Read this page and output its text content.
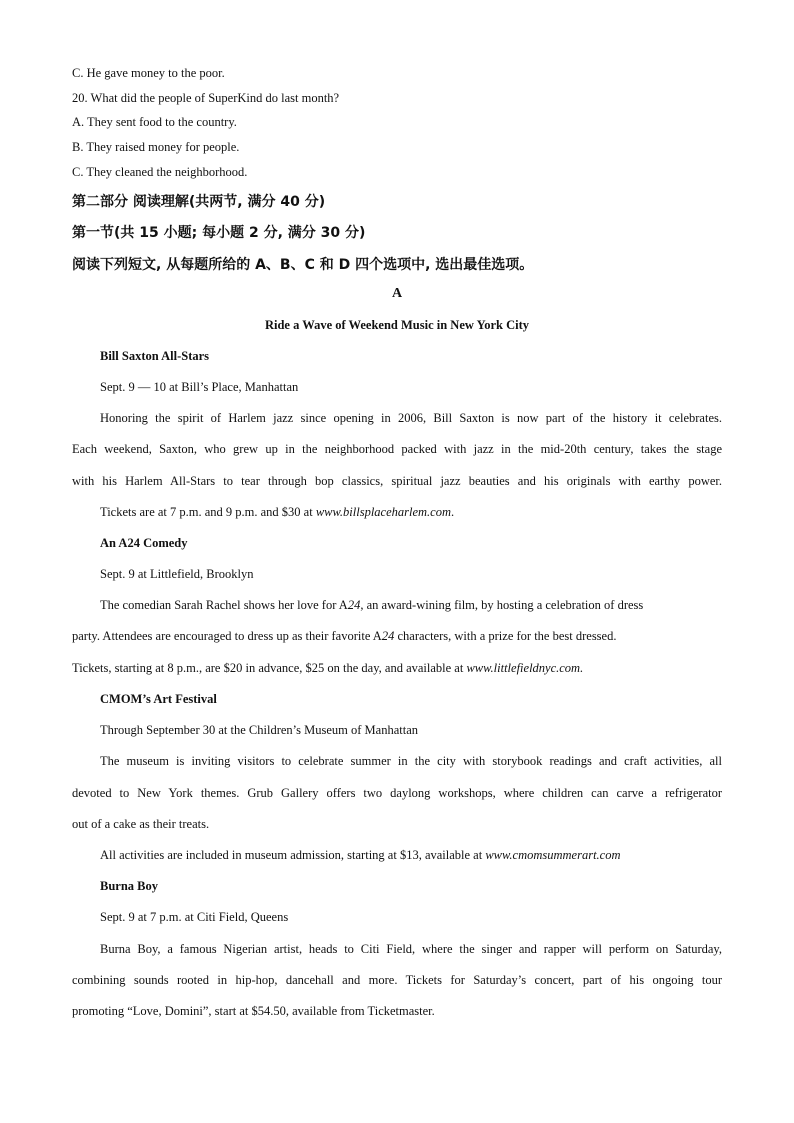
C. He gave money to the poor.
20. What did the people of SuperKind do last month?
A. They sent food to the country.
B. They raised money for people.
C. They cleaned the neighborhood.
第二部分 阅读理解(共两节, 满分 40 分)
第一节(共 15 小题; 每小题 2 分, 满分 30 分)
阅读下列短文, 从每题所给的 A、B、C 和 D 四个选项中, 选出最佳选项。
A
Ride a Wave of Weekend Music in New York City
Bill Saxton All-Stars
Sept. 9 — 10 at Bill’s Place, Manhattan
Honoring the spirit of Harlem jazz since opening in 2006, Bill Saxton is now part of the history it celebrates.
Each weekend, Saxton, who grew up in the neighborhood packed with jazz in the mid-20th century, takes the stage
with his Harlem All-Stars to tear through bop classics, spiritual jazz beauties and his originals with earthy power.
Tickets are at 7 p.m. and 9 p.m. and $30 at www.billsplaceharlem.com.
An A24 Comedy
Sept. 9 at Littlefield, Brooklyn
The comedian Sarah Rachel shows her love for A24, an award-wining film, by hosting a celebration of dress
party. Attendees are encouraged to dress up as their favorite A24 characters, with a prize for the best dressed.
Tickets, starting at 8 p.m., are $20 in advance, $25 on the day, and available at www.littlefieldnyc.com.
CMOM’s Art Festival
Through September 30 at the Children’s Museum of Manhattan
The museum is inviting visitors to celebrate summer in the city with storybook readings and craft activities, all
devoted to New York themes. Grub Gallery offers two daylong workshops, where children can carve a refrigerator
out of a cake as their treats.
All activities are included in museum admission, starting at $13, available at www.cmomsummerart.com
Burna Boy
Sept. 9 at 7 p.m. at Citi Field, Queens
Burna Boy, a famous Nigerian artist, heads to Citi Field, where the singer and rapper will perform on Saturday,
combining sounds rooted in hip-hop, dancehall and more. Tickets for Saturday’s concert, part of his ongoing tour
promoting “Love, Domini”, start at $54.50, available from Ticketmaster.
